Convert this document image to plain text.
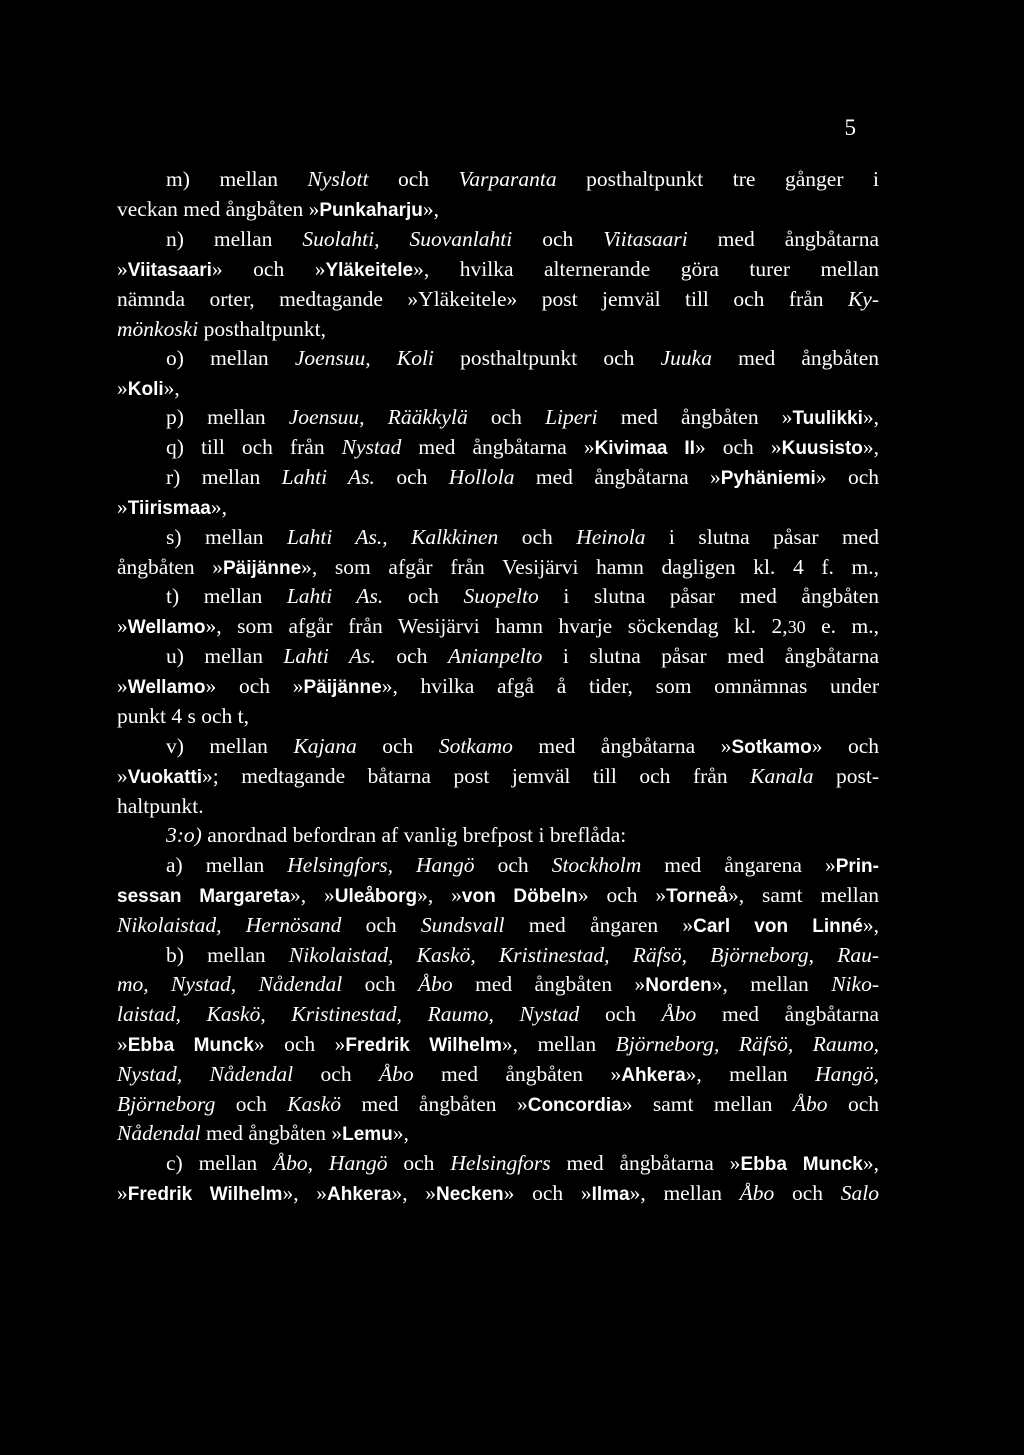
5
m) mellan Nyslott och Varparanta posthaltpunkt tre gånger i
veckan med ångbåten »Punkaharju»,
n) mellan Suolahti, Suovanlahti och Viitasaari med ångbåtarna
»Viitasaari» och »Yläkeitele», hvilka alternerande göra turer mellan
nämnda orter, medtagande »Yläkeitele» post jemväl till och från Ky-
mönkoski posthaltpunkt,
o) mellan Joensuu, Koli posthaltpunkt och Juuka med ångbåten
»Koli»,
p) mellan Joensuu, Rääkkylä och Liperi med ångbåten »Tuulikki»,
q) till och från Nystad med ångbåtarna »Kivimaa II» och »Kuusisto»,
r) mellan Lahti As. och Hollola med ångbåtarna »Pyhäniemi» och
»Tiirismaa»,
s) mellan Lahti As., Kalkkinen och Heinola i slutna påsar med
ångbåten »Päijänne», som afgår från Vesijärvi hamn dagligen kl. 4 f. m.,
t) mellan Lahti As. och Suopelto i slutna påsar med ångbåten
»Wellamo», som afgår från Wesijärvi hamn hvarje söckendag kl. 2,30 e. m.,
u) mellan Lahti As. och Anianpelto i slutna påsar med ångbåtarna
»Wellamo» och »Päijänne», hvilka afgå å tider, som omnämnas under
punkt 4 s och t,
v) mellan Kajana och Sotkamo med ångbåtarna »Sotkamo» och
»Vuokatti»; medtagande båtarna post jemväl till och från Kanala post-
haltpunkt.
3:o) anordnad befordran af vanlig brefpost i breflåda:
a) mellan Helsingfors, Hangö och Stockholm med ångarena »Prin-
sessan Margareta», »Uleåborg», »von Döbeln» och »Torneå», samt mellan
Nikolaistad, Hernösand och Sundsvall med ångaren »Carl von Linné»,
b) mellan Nikolaistad, Kaskö, Kristinestad, Räfsö, Björneborg, Rau-
mo, Nystad, Nådendal och Åbo med ångbåten »Norden», mellan Niko-
laistad, Kaskö, Kristinestad, Raumo, Nystad och Åbo med ångbåtarna
»Ebba Munck» och »Fredrik Wilhelm», mellan Björneborg, Räfsö, Raumo,
Nystad, Nådendal och Åbo med ångbåten »Ahkera», mellan Hangö,
Björneborg och Kaskö med ångbåten »Concordia» samt mellan Åbo och
Nådendal med ångbåten »Lemu»,
c) mellan Åbo, Hangö och Helsingfors med ångbåtarna »Ebba Munck»,
»Fredrik Wilhelm», »Ahkera», »Necken» och »Ilma», mellan Åbo och Salo
